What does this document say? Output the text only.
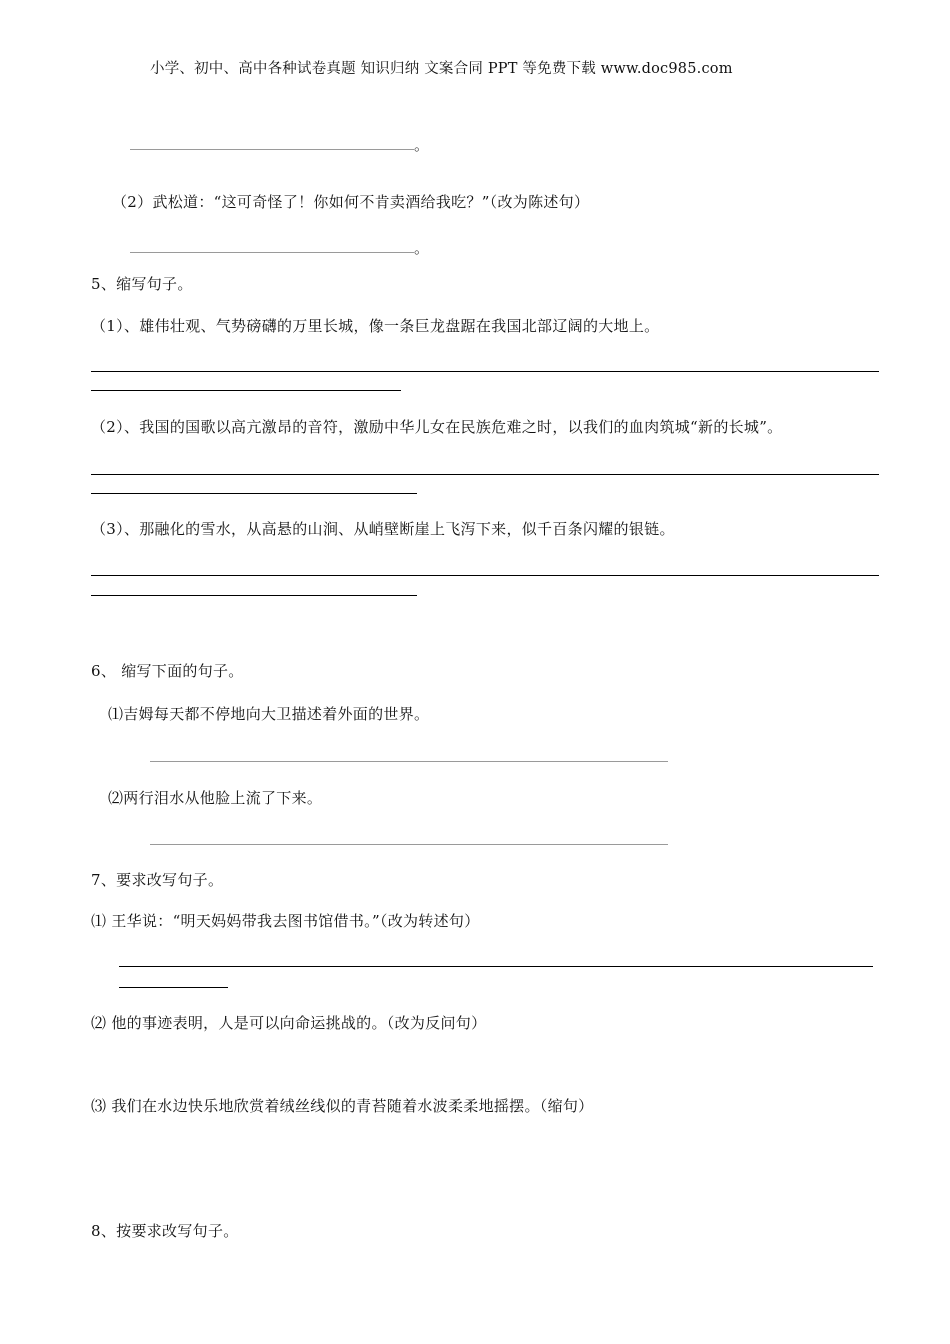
小学、初中、高中各种试卷真题 知识归纳 文案合同 PPT 等免费下载 www.doc985.com
。
（2）武松道：“这可奇怪了！你如何不肯卖酒给我吃？”（改为陈述句）
。
5、缩写句子。
（1）、雄伟壮观、气势磅礴的万里长城，像一条巨龙盘踞在我国北部辽阔的大地上。
（2）、我国的国歌以高亢激昂的音符，激励中华儿女在民族危难之时，以我们的血肉筑城“新的长城”。
（3）、那融化的雪水，从高悬的山涧、从峭壁断崖上飞泻下来，似千百条闪耀的银链。
6、 缩写下面的句子。
⑴吉姆每天都不停地向大卫描述着外面的世界。
⑵两行泪水从他脸上流了下来。
7、要求改写句子。
⑴ 王华说：“明天妈妈带我去图书馆借书。”（改为转述句）
⑵ 他的事迹表明，人是可以向命运挑战的。（改为反问句）
⑶ 我们在水边快乐地欣赏着绒丝线似的青苔随着水波柔柔地摇摆。（缩句）
8、按要求改写句子。
